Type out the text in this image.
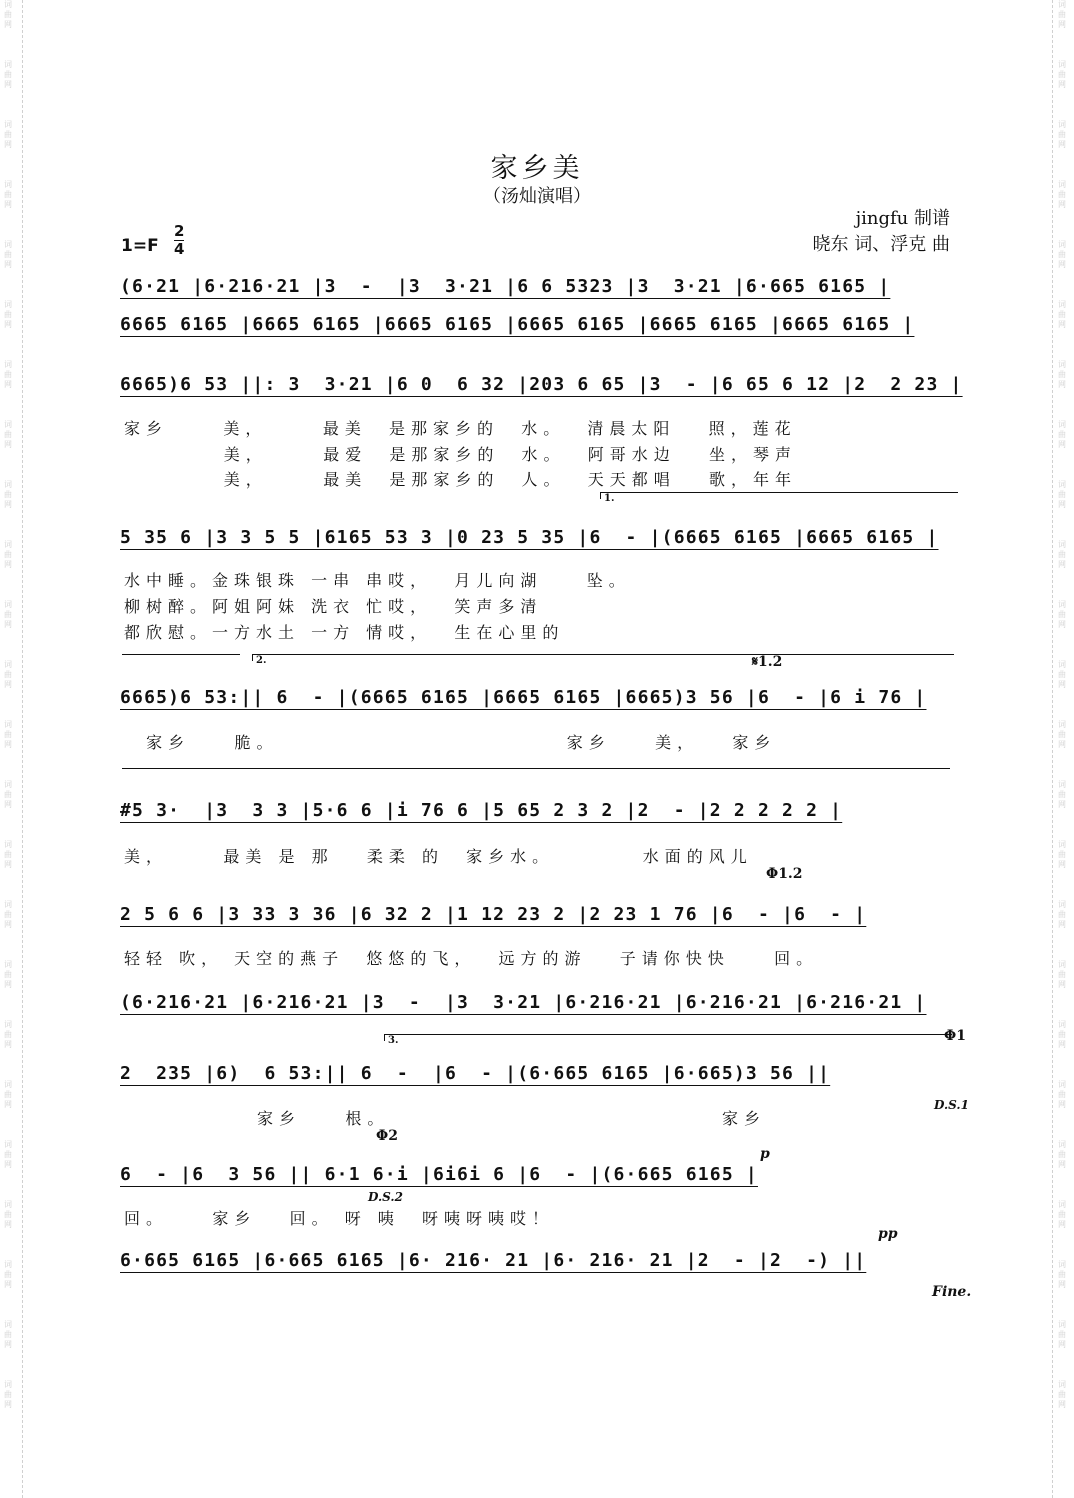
词
曲
网
词
曲
网
词
曲
网
词
曲
网
词
曲
网
词
曲
网
词
曲
网
词
曲
网
词
曲
网
词
曲
网
词
曲
网
词
曲
网
词
曲
网
词
曲
网
词
曲
网
词
曲
网
词
曲
网
词
曲
网
词
曲
网
词
曲
网
词
曲
网
词
曲
网
词
曲
网
词
曲
网
词
曲
网
词
曲
网
词
曲
网
词
曲
网
词
曲
网
词
曲
网
词
曲
网
词
曲
网
词
曲
网
词
曲
网
词
曲
网
词
曲
网
词
曲
网
词
曲
网
词
曲
网
词
曲
网
词
曲
网
词
曲
网
词
曲
网
词
曲
网
词
曲
网
词
曲
网
词
曲
网
词
曲
网
家乡美
（汤灿演唱）
jingfu 制谱
晓东 词、浮克 曲
1=F
2
4
(6·21 |6·216·21 |3  -  |3  3·21 |6 6 5323 |3  3·21 |6·665 6165 |
6665 6165 |6665 6165 |6665 6165 |6665 6165 |6665 6165 |6665 6165 |
6665)6 53 ||: 3  3·21 |6 0  6 32 |203 6 65 |3  - |6 65 6 12 |2  2 23 |
家乡     美，     最美  是那家乡的  水。  清晨太阳   照，莲花
美，     最爱  是那家乡的  水。  阿哥水边   坐，琴声
美，     最美  是那家乡的  人。  天天都唱   歌，年年
1.
5 35 6 |3 3 5 5 |6165 53 3 |0 23 5 35 |6  - |(6665 6165 |6665 6165 |
水中睡。金珠银珠 一串 串哎，  月儿向湖    坠。
柳树醉。阿姐阿妹 洗衣 忙哎，  笑声多清
都欣慰。一方水土 一方 情哎，  生在心里的
2.	𝄋1.2
6665)6 53:|| 6  - |(6665 6165 |6665 6165 |6665)3 56 |6  - |6 i 76 |
家乡    脆。                          家乡    美，   家乡
#5 3·  |3  3 3 |5·6 6 |i 76 6 |5 65 2 3 2 |2  - |2 2 2 2 2 |
美，     最美 是 那   柔柔 的  家乡水。        水面的风儿
Φ1.2
2 5 6 6 |3 33 3 36 |6 32 2 |1 12 23 2 |2 23 1 76 |6  - |6  - |
轻轻 吹， 天空的燕子  悠悠的飞，  远方的游   子请你快快    回。
(6·216·21 |6·216·21 |3  -  |3  3·21 |6·216·21 |6·216·21 |6·216·21 |
3.	Φ1
2  235 |6)  6 53:|| 6  -  |6  - |(6·665 6165 |6·665)3 56 ||
家乡    根。                              家乡
D.S.1
Φ2
p
6  - |6  3 56 || 6·1 6·i |6i6i 6 |6  - |(6·665 6165 |
D.S.2
回。    家乡   回。 呀 咦  呀咦呀咦哎！
pp
6·665 6165 |6·665 6165 |6· 216· 21 |6· 216· 21 |2  - |2  -) ||
Fine.
